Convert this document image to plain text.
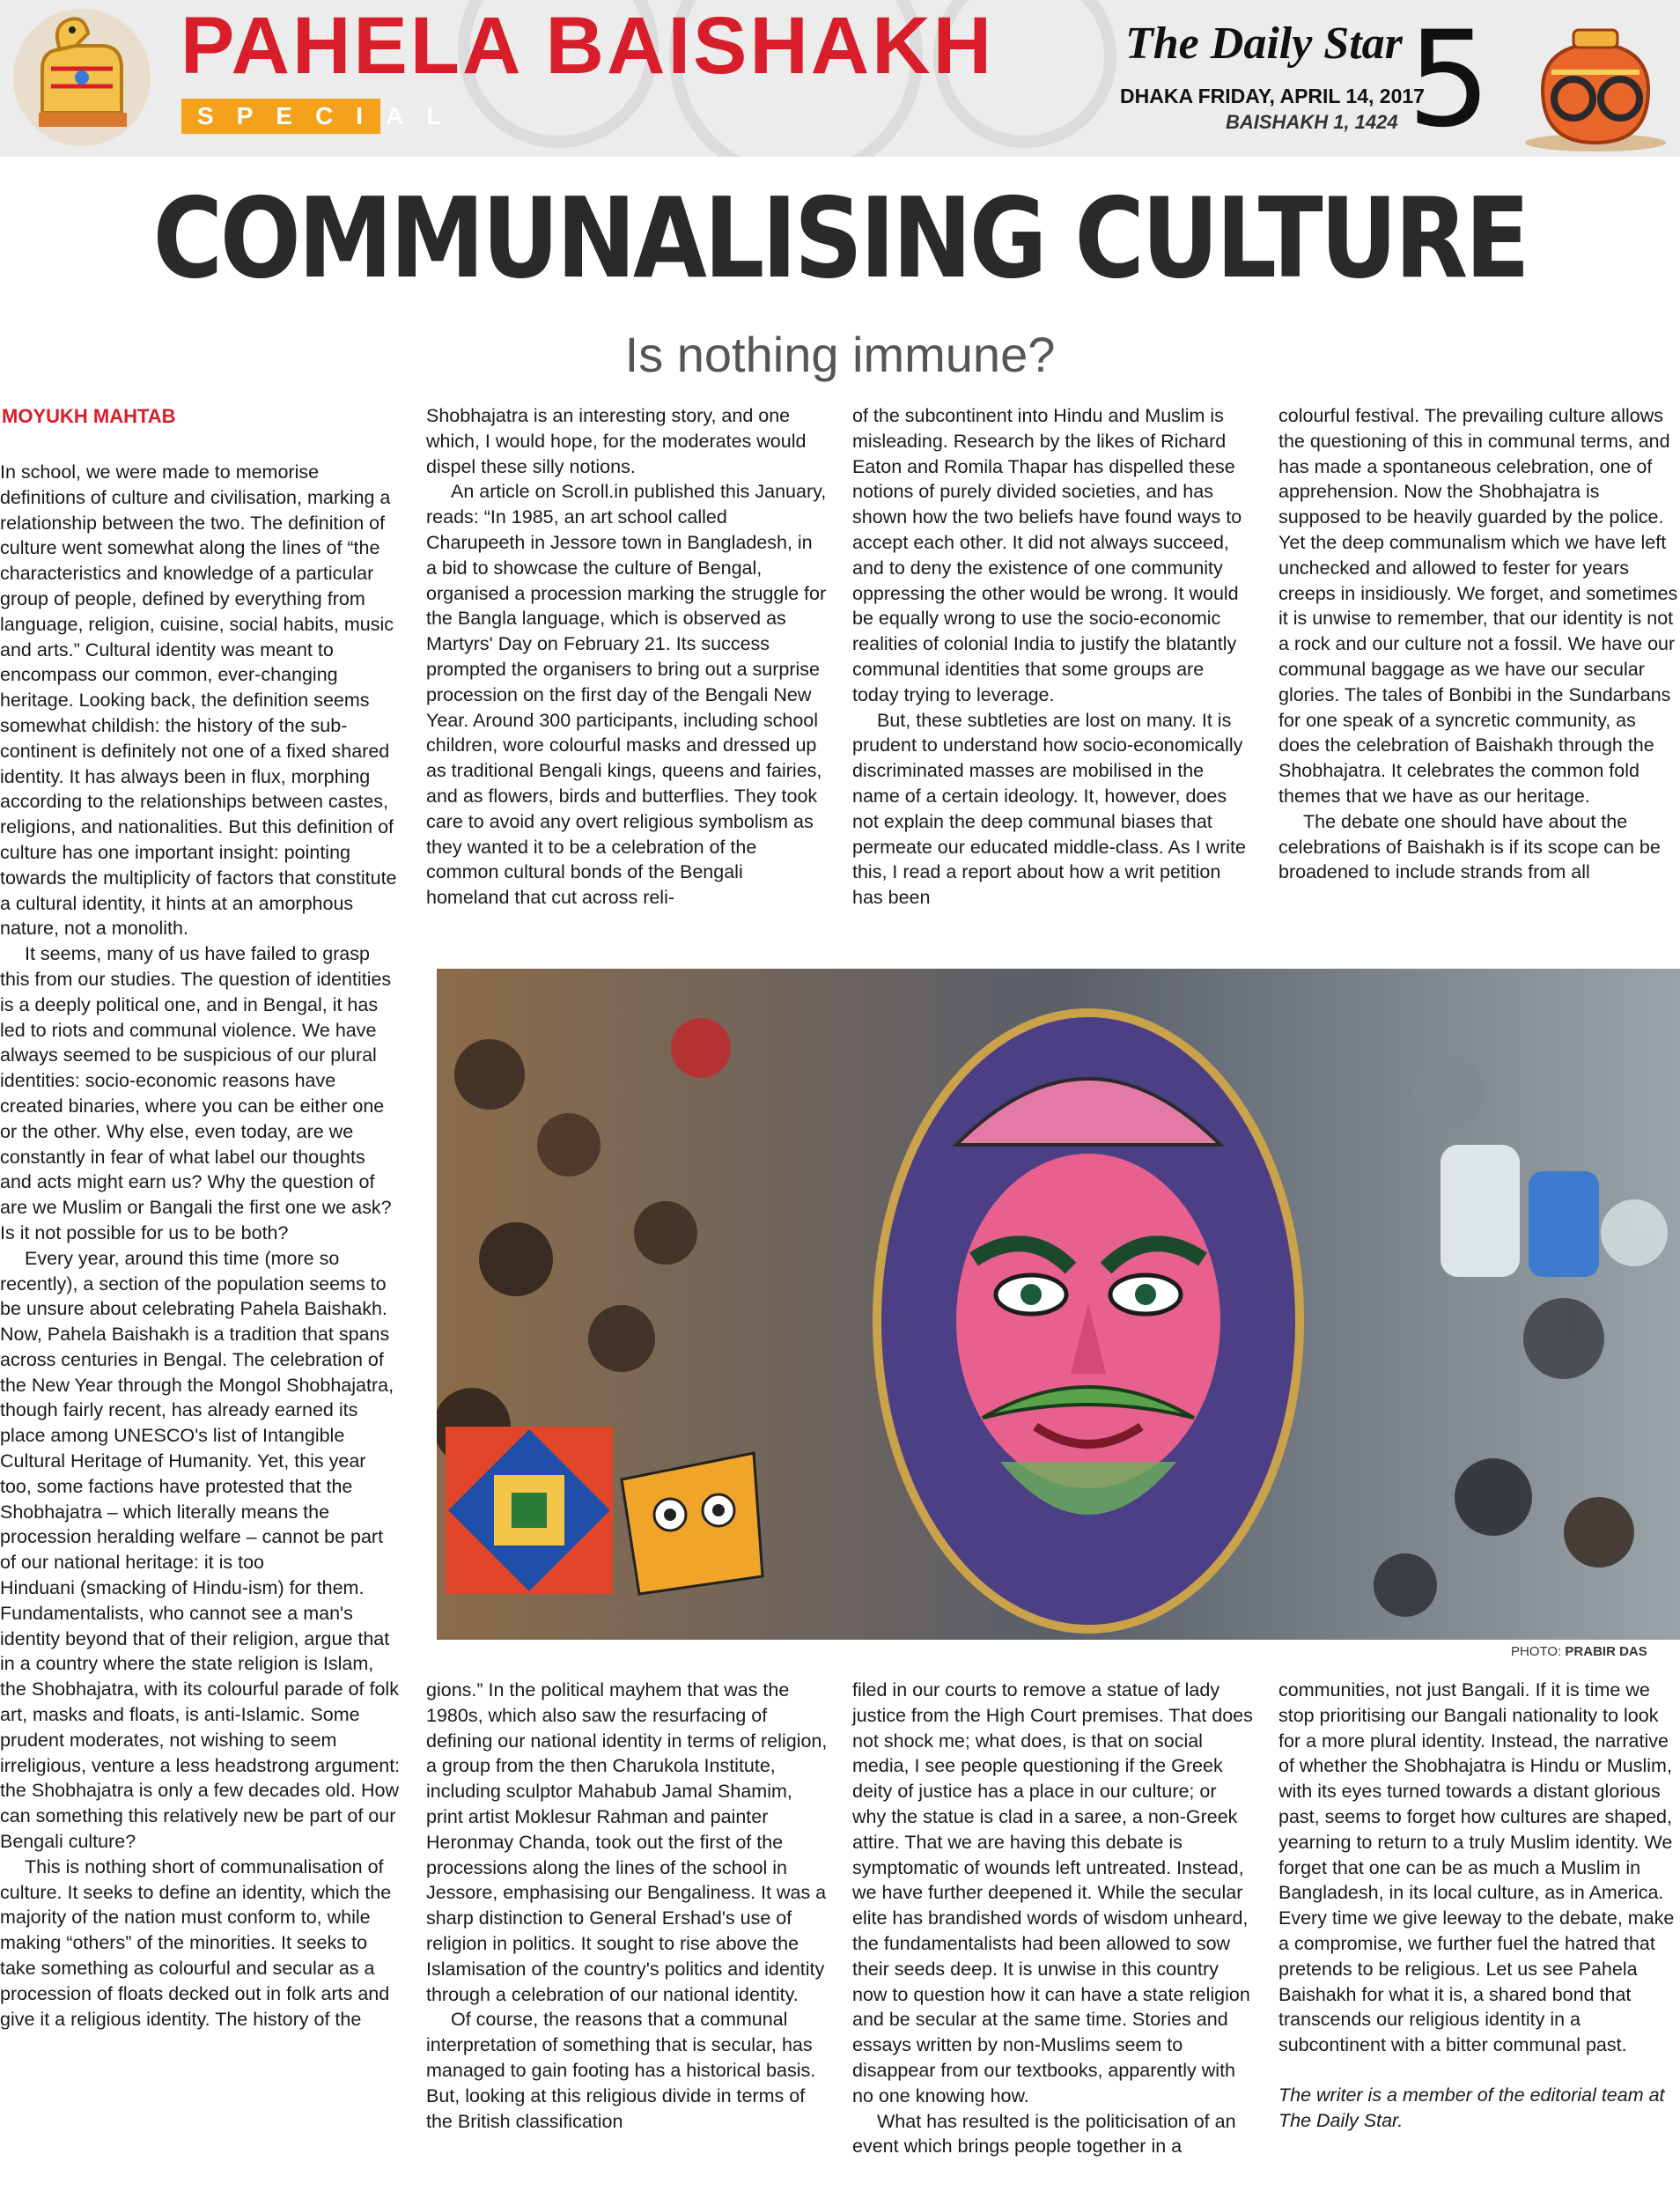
PAHELA BAISHAKH
SPECIAL
The Daily Star
DHAKA FRIDAY, APRIL 14, 2017
BAISHAKH 1, 1424 5
COMMUNALISING CULTURE
Is nothing immune?
MOYUKH MAHTAB

In school, we were made to memorise definitions of culture and civilisation, marking a relationship between the two. The definition of culture went somewhat along the lines of “the characteristics and knowledge of a particular group of people, defined by everything from language, religion, cuisine, social habits, music and arts.” Cultural identity was meant to encompass our common, ever-changing heritage. Looking back, the definition seems somewhat childish: the history of the sub-continent is definitely not one of a fixed shared identity. It has always been in flux, morphing according to the relationships between castes, religions, and nationalities. But this definition of culture has one important insight: pointing towards the multiplicity of factors that constitute a cultural identity, it hints at an amorphous nature, not a monolith.

It seems, many of us have failed to grasp this from our studies. The question of identities is a deeply political one, and in Bengal, it has led to riots and communal violence. We have always seemed to be suspicious of our plural identities: socio-economic reasons have created binaries, where you can be either one or the other. Why else, even today, are we constantly in fear of what label our thoughts and acts might earn us? Why the question of are we Muslim or Bangali the first one we ask? Is it not possible for us to be both?

Every year, around this time (more so recently), a section of the population seems to be unsure about celebrating Pahela Baishakh. Now, Pahela Baishakh is a tradition that spans across centuries in Bengal. The celebration of the New Year through the Mongol Shobhajatra, though fairly recent, has already earned its place among UNESCO's list of Intangible Cultural Heritage of Humanity. Yet, this year too, some factions have protested that the Shobhajatra – which literally means the procession heralding welfare – cannot be part of our national heritage: it is too

Hinduani (smacking of Hindu-ism) for them. Fundamentalists, who cannot see a man's identity beyond that of their religion, argue that in a country where the state religion is Islam, the Shobhajatra, with its colourful parade of folk art, masks and floats, is anti-Islamic. Some prudent moderates, not wishing to seem irreligious, venture a less headstrong argument: the Shobhajatra is only a few decades old. How can something this relatively new be part of our Bengali culture?

This is nothing short of communalisation of culture. It seeks to define an identity, which the majority of the nation must conform to, while making “others” of the minorities. It seeks to take something as colourful and secular as a procession of floats decked out in folk arts and give it a religious identity. The history of the

Shobhajatra is an interesting story, and one which, I would hope, for the moderates would dispel these silly notions.

An article on Scroll.in published this January, reads: “In 1985, an art school called Charupeeth in Jessore town in Bangladesh, in a bid to showcase the culture of Bengal, organised a procession marking the struggle for the Bangla language, which is observed as Martyrs' Day on February 21. Its success prompted the organisers to bring out a surprise procession on the first day of the Bengali New Year. Around 300 participants, including school children, wore colourful masks and dressed up as traditional Bengali kings, queens and fairies, and as flowers, birds and butterflies. They took care to avoid any overt religious symbolism as they wanted it to be a celebration of the common cultural bonds of the Bengali homeland that cut across reli-

of the subcontinent into Hindu and Muslim is misleading. Research by the likes of Richard Eaton and Romila Thapar has dispelled these notions of purely divided societies, and has shown how the two beliefs have found ways to accept each other. It did not always succeed, and to deny the existence of one community oppressing the other would be wrong. It would be equally wrong to use the socio-economic realities of colonial India to justify the blatantly communal identities that some groups are today trying to leverage.

But, these subtleties are lost on many. It is prudent to understand how socio-economically discriminated masses are mobilised in the name of a certain ideology. It, however, does not explain the deep communal biases that permeate our educated middle-class. As I write this, I read a report about how a writ petition has been

colourful festival. The prevailing culture allows the questioning of this in communal terms, and has made a spontaneous celebration, one of apprehension. Now the Shobhajatra is supposed to be heavily guarded by the police. Yet the deep communalism which we have left unchecked and allowed to fester for years creeps in insidiously. We forget, and sometimes it is unwise to remember, that our identity is not a rock and our culture not a fossil. We have our communal baggage as we have our secular glories. The tales of Bonbibi in the Sundarbans for one speak of a syncretic community, as does the celebration of Baishakh through the Shobhajatra. It celebrates the common fold themes that we have as our heritage.

The debate one should have about the celebrations of Baishakh is if its scope can be broadened to include strands from all

PHOTO: PRABIR DAS

gions.” In the political mayhem that was the 1980s, which also saw the resurfacing of defining our national identity in terms of religion, a group from the then Charukola Institute, including sculptor Mahabub Jamal Shamim, print artist Moklesur Rahman and painter Heronmay Chanda, took out the first of the processions along the lines of the school in Jessore, emphasising our Bengaliness. It was a sharp distinction to General Ershad's use of religion in politics. It sought to rise above the Islamisation of the country's politics and identity through a celebration of our national identity.

Of course, the reasons that a communal interpretation of something that is secular, has managed to gain footing has a historical basis. But, looking at this religious divide in terms of the British classification

filed in our courts to remove a statue of lady justice from the High Court premises. That does not shock me; what does, is that on social media, I see people questioning if the Greek deity of justice has a place in our culture; or why the statue is clad in a saree, a non-Greek attire. That we are having this debate is symptomatic of wounds left untreated. Instead, we have further deepened it. While the secular elite has brandished words of wisdom unheard, the fundamentalists had been allowed to sow their seeds deep. It is unwise in this country now to question how it can have a state religion and be secular at the same time. Stories and essays written by non-Muslims seem to disappear from our textbooks, apparently with no one knowing how.

What has resulted is the politicisation of an event which brings people together in a

communities, not just Bangali. If it is time we stop prioritising our Bangali nationality to look for a more plural identity. Instead, the narrative of whether the Shobhajatra is Hindu or Muslim, with its eyes turned towards a distant glorious past, seems to forget how cultures are shaped, yearning to return to a truly Muslim identity. We forget that one can be as much a Muslim in Bangladesh, in its local culture, as in America. Every time we give leeway to the debate, make a compromise, we further fuel the hatred that pretends to be religious. Let us see Pahela Baishakh for what it is, a shared bond that transcends our religious identity in a subcontinent with a bitter communal past.

The writer is a member of the editorial team at The Daily Star.
